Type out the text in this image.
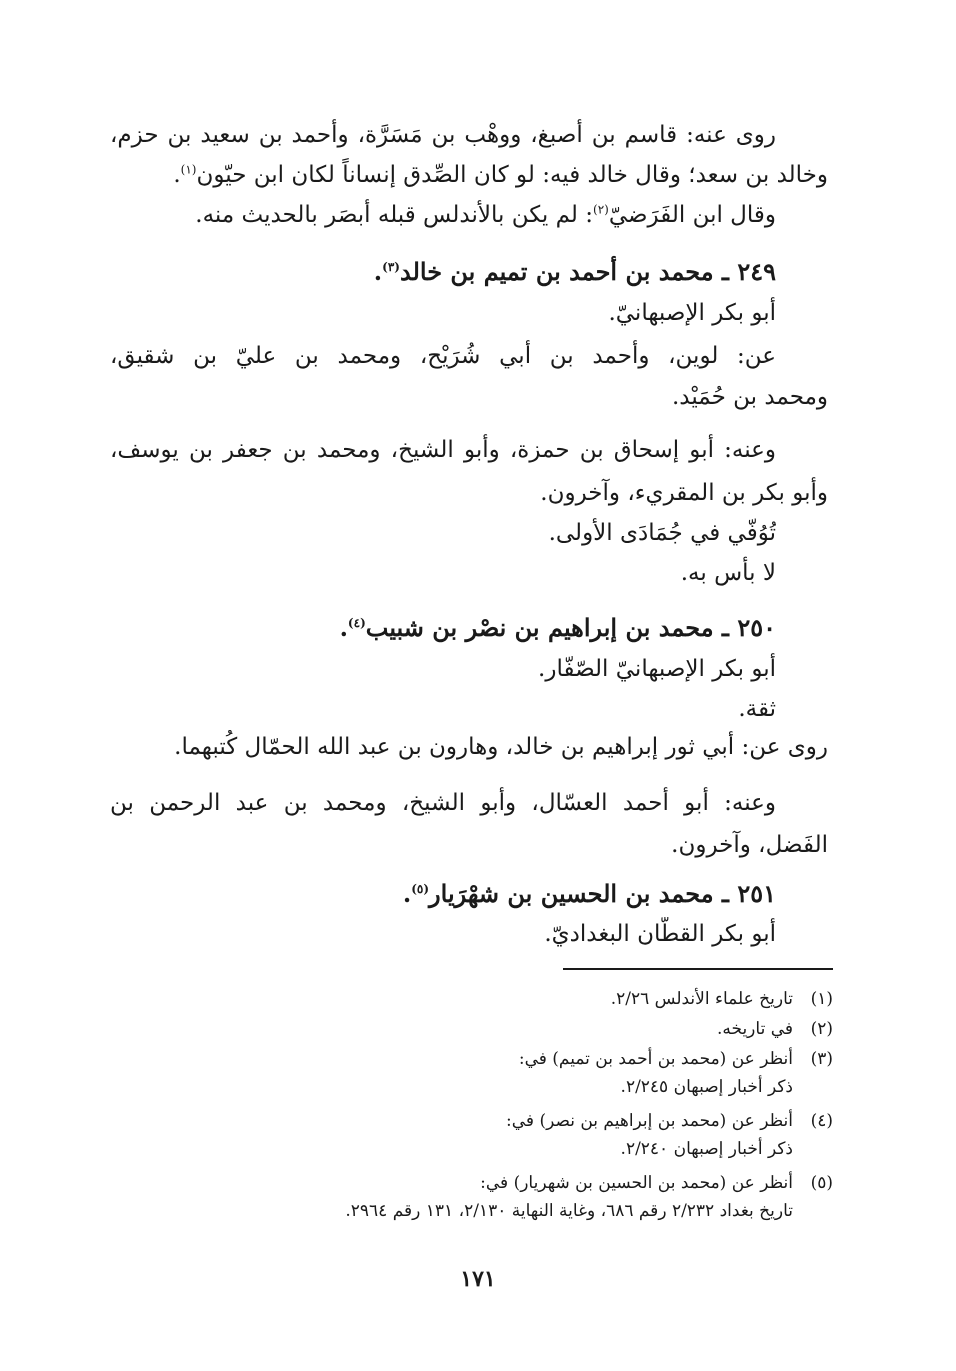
روى عنه: قاسم بن أصبغ، ووهْب بن مَسَرَّة، وأحمد بن سعيد بن حزم،
وخالد بن سعد؛ وقال خالد فيه: لو كان الصِّدق إنساناً لكان ابن حيّون$^{(١)}$.
وقال ابن الفَرَضيّ$^{(٢)}$: لم يكن بالأندلس قبله أبصَر بالحديث منه.
٢٤٩ ـ محمد بن أحمد بن تميم بن خالد$^{(٣)}$.
أبو بكر الإصبهانيّ.
عن: لوين، وأحمد بن أبي شُرَيْح، ومحمد بن عليّ بن شقيق،
ومحمد بن حُمَيْد.
وعنه: أبو إسحاق بن حمزة، وأبو الشيخ، ومحمد بن جعفر بن يوسف،
وأبو بكر بن المقريء، وآخرون.
تُوُفّي في جُمَادَى الأولى.
لا بأس به.
٢٥٠ ـ محمد بن إبراهيم بن نصْر بن شبيب$^{(٤)}$.
أبو بكر الإصبهانيّ الصّفّار.
ثقة.
روى عن: أبي ثور إبراهيم بن خالد، وهارون بن عبد الله الحمّال كُتبهما.
وعنه: أبو أحمد العسّال، وأبو الشيخ، ومحمد بن عبد الرحمن بن
الفَضل، وآخرون.
٢٥١ ـ محمد بن الحسين بن شهْرَيار$^{(٥)}$.
أبو بكر القطّان البغداديّ.
(١)تاريخ علماء الأندلس ٢/٢٦.
(٢)في تاريخه.
(٣)أنظر عن (محمد بن أحمد بن تميم) في:
ذكر أخبار إصبهان ٢/٢٤٥.
(٤)أنظر عن (محمد بن إبراهيم بن نصر) في:
ذكر أخبار إصبهان ٢/٢٤٠.
(٥)أنظر عن (محمد بن الحسين بن شهريار) في:
تاريخ بغداد ٢/٢٣٢ رقم ٦٨٦، وغاية النهاية ٢/١٣٠، ١٣١ رقم ٢٩٦٤.
١٧١
